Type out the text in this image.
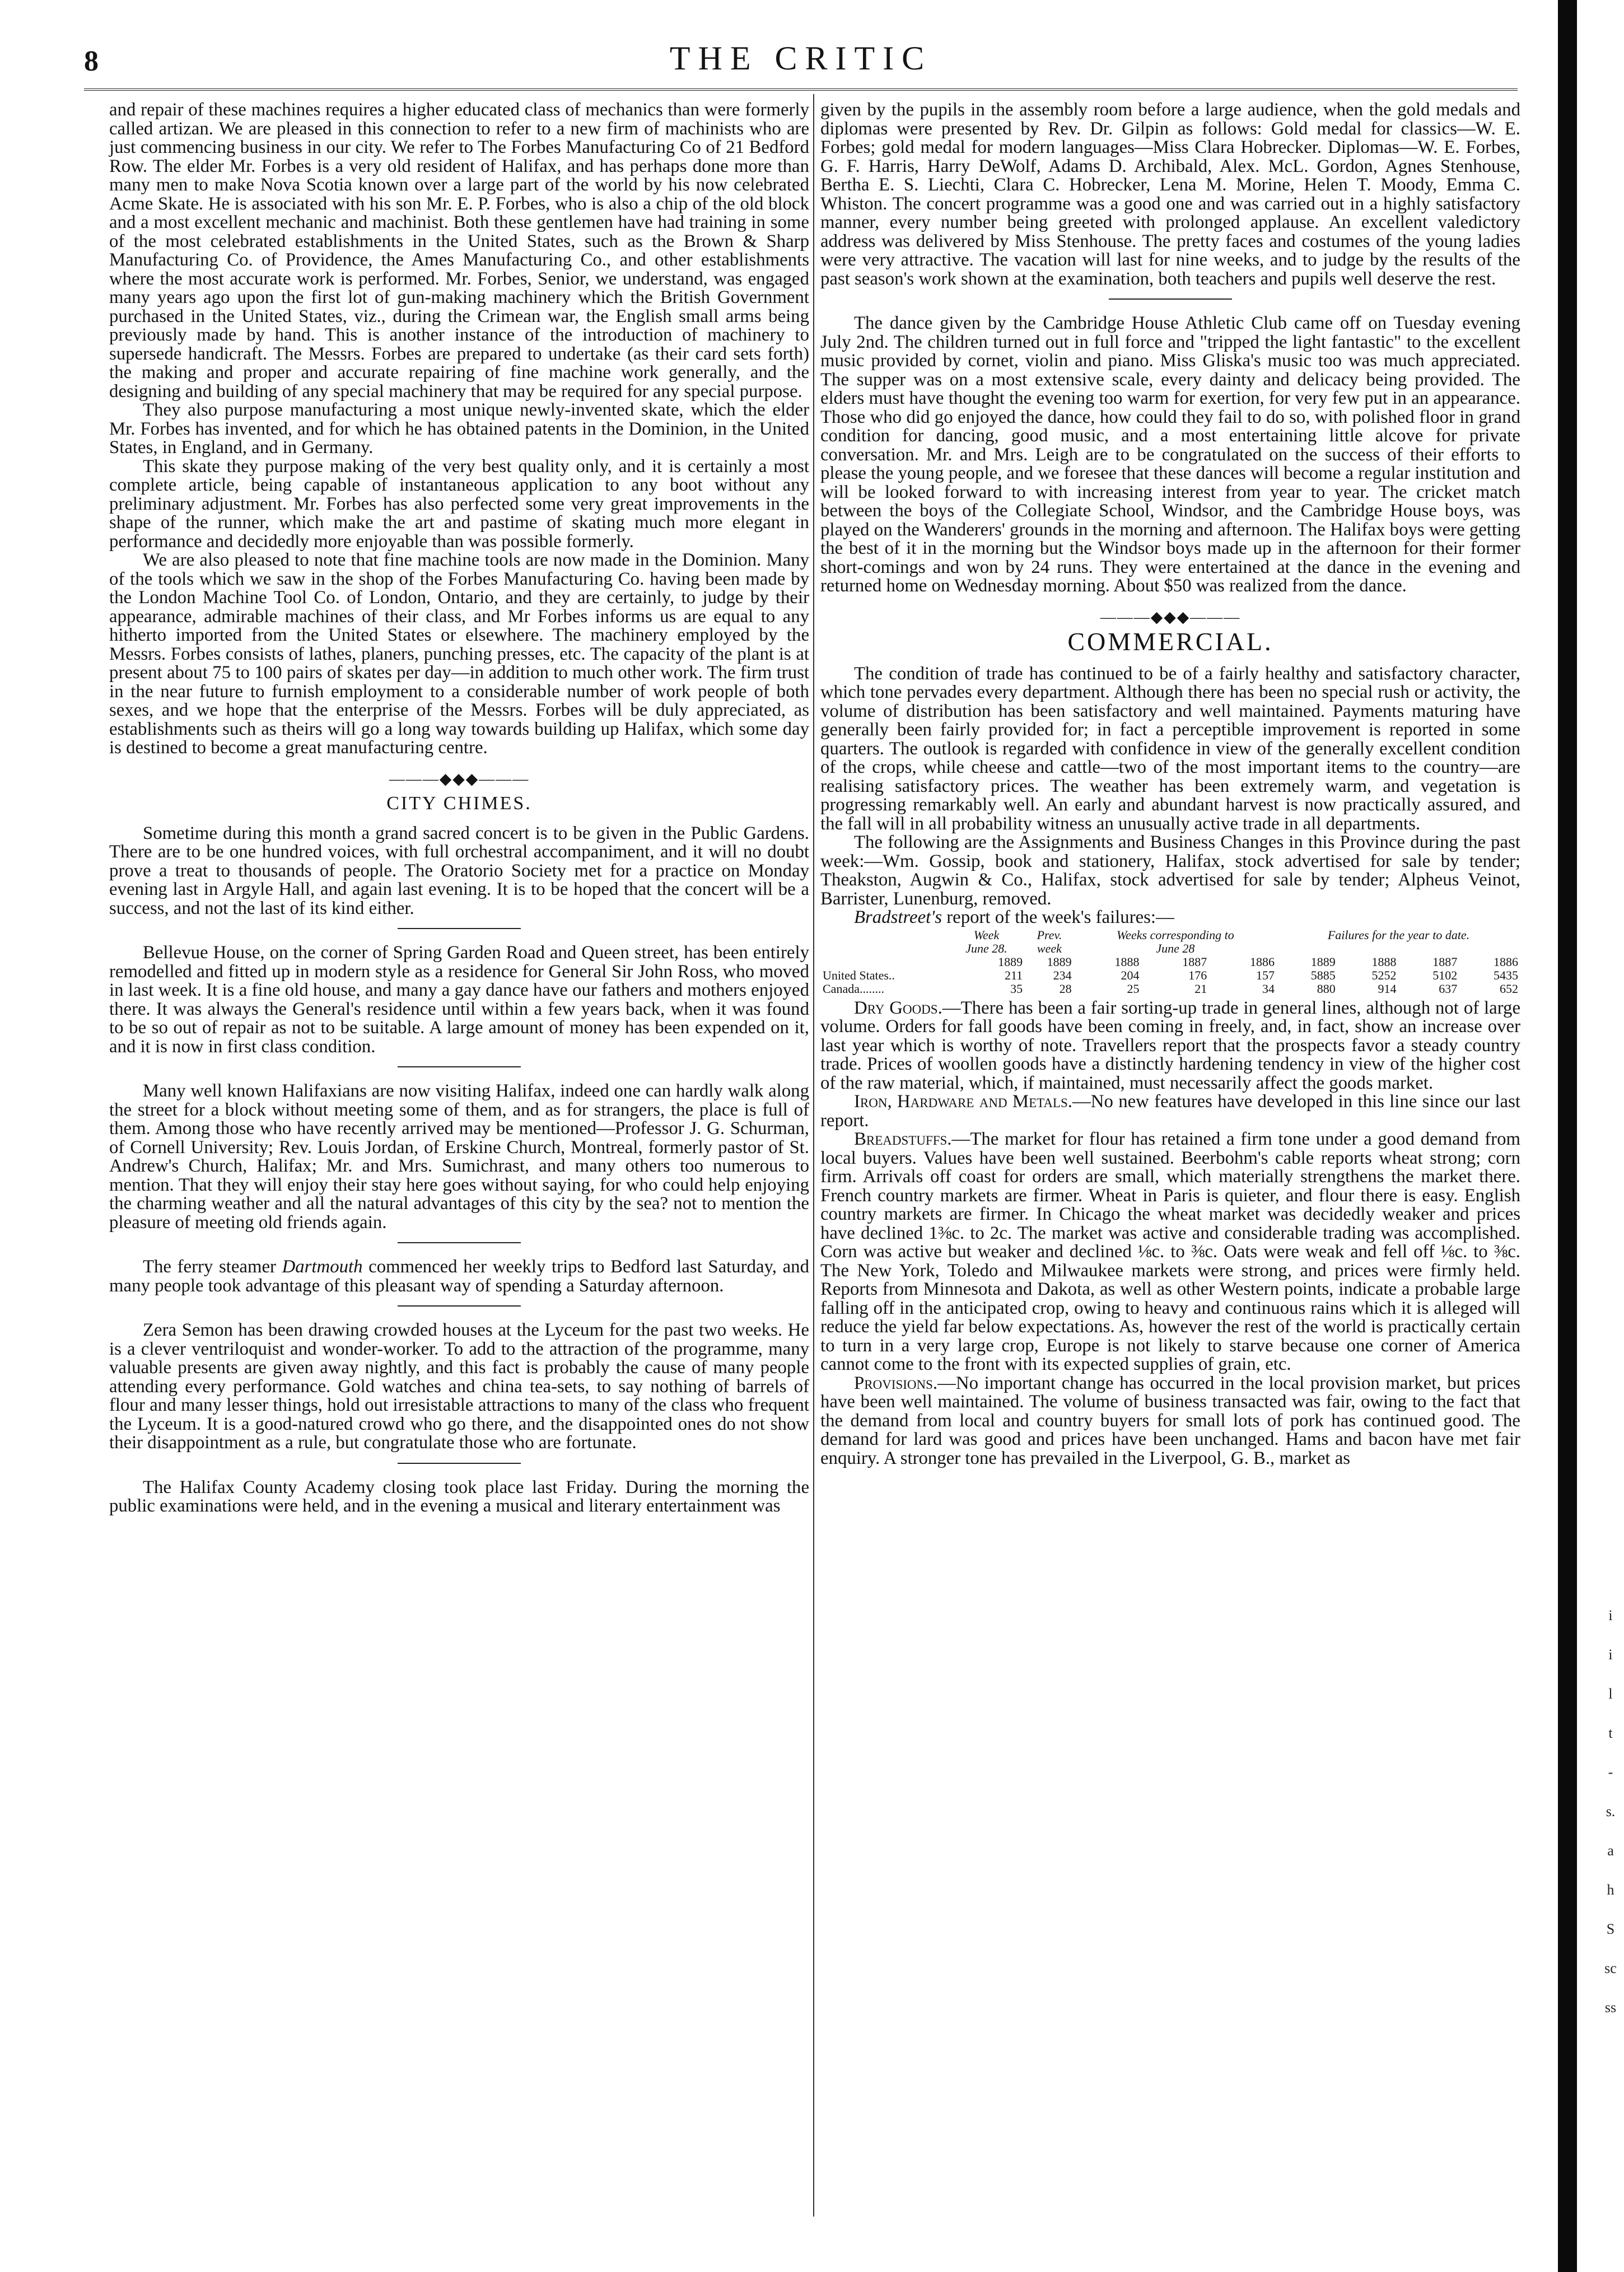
8	THE CRITIC

and repair of these machines requires a higher educated class of mechanics than were formerly called artizan. We are pleased in this connection to refer to a new firm of machinists who are just commencing business in our city. We refer to The Forbes Manufacturing Co of 21 Bedford Row. The elder Mr. Forbes is a very old resident of Halifax, and has perhaps done more than many men to make Nova Scotia known over a large part of the world by his now celebrated Acme Skate. He is associated with his son Mr. E. P. Forbes, who is also a chip of the old block and a most excellent mechanic and machinist. Both these gentlemen have had training in some of the most celebrated establishments in the United States, such as the Brown & Sharp Manufacturing Co. of Providence, the Ames Manufacturing Co., and other establishments where the most accurate work is performed. Mr. Forbes, Senior, we understand, was engaged many years ago upon the first lot of gun-making machinery which the British Government purchased in the United States, viz., during the Crimean war, the English small arms being previously made by hand. This is another instance of the introduction of machinery to supersede handicraft. The Messrs. Forbes are prepared to undertake (as their card sets forth) the making and proper and accurate repairing of fine machine work generally, and the designing and building of any special machinery that may be required for any special purpose.

They also purpose manufacturing a most unique newly-invented skate, which the elder Mr. Forbes has invented, and for which he has obtained patents in the Dominion, in the United States, in England, and in Germany.

This skate they purpose making of the very best quality only, and it is certainly a most complete article, being capable of instantaneous application to any boot without any preliminary adjustment. Mr. Forbes has also perfected some very great improvements in the shape of the runner, which make the art and pastime of skating much more elegant in performance and decidedly more enjoyable than was possible formerly.

We are also pleased to note that fine machine tools are now made in the Dominion. Many of the tools which we saw in the shop of the Forbes Manufacturing Co. having been made by the London Machine Tool Co. of London, Ontario, and they are certainly, to judge by their appearance, admirable machines of their class, and Mr Forbes informs us are equal to any hitherto imported from the United States or elsewhere. The machinery employed by the Messrs. Forbes consists of lathes, planers, punching presses, etc. The capacity of the plant is at present about 75 to 100 pairs of skates per day—in addition to much other work. The firm trust in the near future to furnish employment to a considerable number of work people of both sexes, and we hope that the enterprise of the Messrs. Forbes will be duly appreciated, as establishments such as theirs will go a long way towards building up Halifax, which some day is destined to become a great manufacturing centre.

———◆◆◆———
CITY CHIMES.

Sometime during this month a grand sacred concert is to be given in the Public Gardens. There are to be one hundred voices, with full orchestral accompaniment, and it will no doubt prove a treat to thousands of people. The Oratorio Society met for a practice on Monday evening last in Argyle Hall, and again last evening. It is to be hoped that the concert will be a success, and not the last of its kind either.

Bellevue House, on the corner of Spring Garden Road and Queen street, has been entirely remodelled and fitted up in modern style as a residence for General Sir John Ross, who moved in last week. It is a fine old house, and many a gay dance have our fathers and mothers enjoyed there. It was always the General's residence until within a few years back, when it was found to be so out of repair as not to be suitable. A large amount of money has been expended on it, and it is now in first class condition.

Many well known Halifaxians are now visiting Halifax, indeed one can hardly walk along the street for a block without meeting some of them, and as for strangers, the place is full of them. Among those who have recently arrived may be mentioned—Professor J. G. Schurman, of Cornell University; Rev. Louis Jordan, of Erskine Church, Montreal, formerly pastor of St. Andrew's Church, Halifax; Mr. and Mrs. Sumichrast, and many others too numerous to mention. That they will enjoy their stay here goes without saying, for who could help enjoying the charming weather and all the natural advantages of this city by the sea? not to mention the pleasure of meeting old friends again.

The ferry steamer Dartmouth commenced her weekly trips to Bedford last Saturday, and many people took advantage of this pleasant way of spending a Saturday afternoon.

Zera Semon has been drawing crowded houses at the Lyceum for the past two weeks. He is a clever ventriloquist and wonder-worker. To add to the attraction of the programme, many valuable presents are given away nightly, and this fact is probably the cause of many people attending every performance. Gold watches and china tea-sets, to say nothing of barrels of flour and many lesser things, hold out irresistable attractions to many of the class who frequent the Lyceum. It is a good-natured crowd who go there, and the disappointed ones do not show their disappointment as a rule, but congratulate those who are fortunate.

The Halifax County Academy closing took place last Friday. During the morning the public examinations were held, and in the evening a musical and literary entertainment was

given by the pupils in the assembly room before a large audience, when the gold medals and diplomas were presented by Rev. Dr. Gilpin as follows: Gold medal for classics—W. E. Forbes; gold medal for modern languages—Miss Clara Hobrecker. Diplomas—W. E. Forbes, G. F. Harris, Harry DeWolf, Adams D. Archibald, Alex. McL. Gordon, Agnes Stenhouse, Bertha E. S. Liechti, Clara C. Hobrecker, Lena M. Morine, Helen T. Moody, Emma C. Whiston. The concert programme was a good one and was carried out in a highly satisfactory manner, every number being greeted with prolonged applause. An excellent valedictory address was delivered by Miss Stenhouse. The pretty faces and costumes of the young ladies were very attractive. The vacation will last for nine weeks, and to judge by the results of the past season's work shown at the examination, both teachers and pupils well deserve the rest.

The dance given by the Cambridge House Athletic Club came off on Tuesday evening July 2nd. The children turned out in full force and "tripped the light fantastic" to the excellent music provided by cornet, violin and piano. Miss Gliska's music too was much appreciated. The supper was on a most extensive scale, every dainty and delicacy being provided. The elders must have thought the evening too warm for exertion, for very few put in an appearance. Those who did go enjoyed the dance, how could they fail to do so, with polished floor in grand condition for dancing, good music, and a most entertaining little alcove for private conversation. Mr. and Mrs. Leigh are to be congratulated on the success of their efforts to please the young people, and we foresee that these dances will become a regular institution and will be looked forward to with increasing interest from year to year. The cricket match between the boys of the Collegiate School, Windsor, and the Cambridge House boys, was played on the Wanderers' grounds in the morning and afternoon. The Halifax boys were getting the best of it in the morning but the Windsor boys made up in the afternoon for their former short-comings and won by 24 runs. They were entertained at the dance in the evening and returned home on Wednesday morning. About $50 was realized from the dance.

———◆◆◆———
COMMERCIAL.

The condition of trade has continued to be of a fairly healthy and satisfactory character, which tone pervades every department. Although there has been no special rush or activity, the volume of distribution has been satisfactory and well maintained. Payments maturing have generally been fairly provided for; in fact a perceptible improvement is reported in some quarters. The outlook is regarded with confidence in view of the generally excellent condition of the crops, while cheese and cattle—two of the most important items to the country—are realising satisfactory prices. The weather has been extremely warm, and vegetation is progressing remarkably well. An early and abundant harvest is now practically assured, and the fall will in all probability witness an unusually active trade in all departments.

The following are the Assignments and Business Changes in this Province during the past week:—Wm. Gossip, book and stationery, Halifax, stock advertised for sale by tender; Theakston, Augwin & Co., Halifax, stock advertised for sale by tender; Alpheus Veinot, Barrister, Lunenburg, removed.

Bradstreet's report of the week's failures:—

	Week	Prev.	Weeks corresponding to			Failures for the year to date.			
	June 28.	week	June 28						
	1889	1889	1888	1887	1886	1889	1888	1887	1886
United States..	211	234	204	176	157	5885	5252	5102	5435
Canada........	35	28	25	21	34	880	914	637	652

Dry Goods.—There has been a fair sorting-up trade in general lines, although not of large volume. Orders for fall goods have been coming in freely, and, in fact, show an increase over last year which is worthy of note. Travellers report that the prospects favor a steady country trade. Prices of woollen goods have a distinctly hardening tendency in view of the higher cost of the raw material, which, if maintained, must necessarily affect the goods market.

Iron, Hardware and Metals.—No new features have developed in this line since our last report.

Breadstuffs.—The market for flour has retained a firm tone under a good demand from local buyers. Values have been well sustained. Beerbohm's cable reports wheat strong; corn firm. Arrivals off coast for orders are small, which materially strengthens the market there. French country markets are firmer. Wheat in Paris is quieter, and flour there is easy. English country markets are firmer. In Chicago the wheat market was decidedly weaker and prices have declined 1⅜c. to 2c. The market was active and considerable trading was accomplished. Corn was active but weaker and declined ⅛c. to ⅜c. Oats were weak and fell off ⅛c. to ⅜c. The New York, Toledo and Milwaukee markets were strong, and prices were firmly held. Reports from Minnesota and Dakota, as well as other Western points, indicate a probable large falling off in the anticipated crop, owing to heavy and continuous rains which it is alleged will reduce the yield far below expectations. As, however the rest of the world is practically certain to turn in a very large crop, Europe is not likely to starve because one corner of America cannot come to the front with its expected supplies of grain, etc.

Provisions.—No important change has occurred in the local provision market, but prices have been well maintained. The volume of business transacted was fair, owing to the fact that the demand from local and country buyers for small lots of pork has continued good. The demand for lard was good and prices have been unchanged. Hams and bacon have met fair enquiry. A stronger tone has prevailed in the Liverpool, G. B., market as

i
i
l
t
-
s.
a
h
S
sc
ss
